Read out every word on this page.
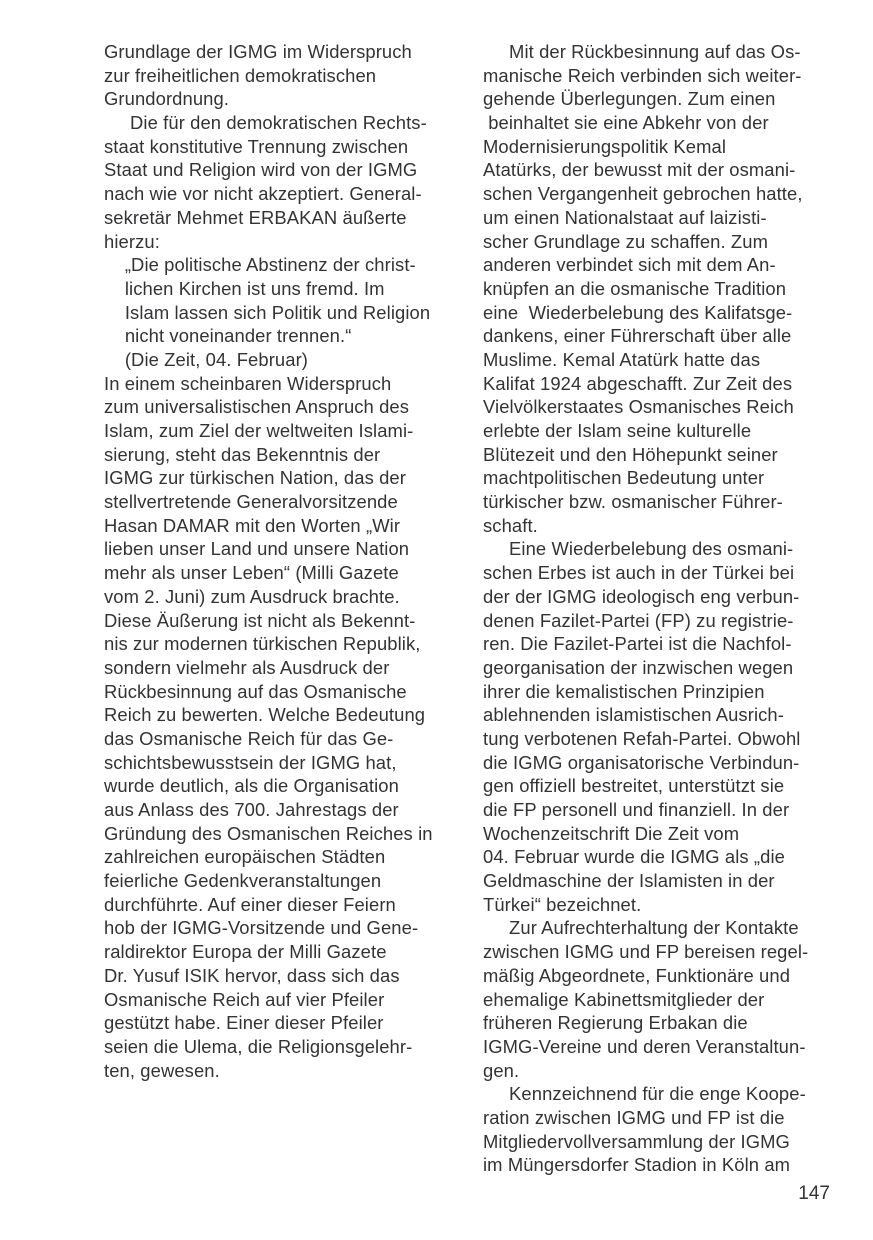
Grundlage der IGMG im Widerspruch
zur freiheitlichen demokratischen
Grundordnung.
Die für den demokratischen Rechts-
staat konstitutive Trennung zwischen
Staat und Religion wird von der IGMG
nach wie vor nicht akzeptiert. General-
sekretär Mehmet ERBAKAN äußerte
hierzu:
„Die politische Abstinenz der christ-
lichen Kirchen ist uns fremd. Im
Islam lassen sich Politik und Religion
nicht voneinander trennen.“
(Die Zeit, 04. Februar)
In einem scheinbaren Widerspruch
zum universalistischen Anspruch des
Islam, zum Ziel der weltweiten Islami-
sierung, steht das Bekenntnis der
IGMG zur türkischen Nation, das der
stellvertretende Generalvorsitzende
Hasan DAMAR mit den Worten „Wir
lieben unser Land und unsere Nation
mehr als unser Leben“ (Milli Gazete
vom 2. Juni) zum Ausdruck brachte.
Diese Äußerung ist nicht als Bekennt-
nis zur modernen türkischen Republik,
sondern vielmehr als Ausdruck der
Rückbesinnung auf das Osmanische
Reich zu bewerten. Welche Bedeutung
das Osmanische Reich für das Ge-
schichtsbewusstsein der IGMG hat,
wurde deutlich, als die Organisation
aus Anlass des 700. Jahrestags der
Gründung des Osmanischen Reiches in
zahlreichen europäischen Städten
feierliche Gedenkveranstaltungen
durchführte. Auf einer dieser Feiern
hob der IGMG-Vorsitzende und Gene-
raldirektor Europa der Milli Gazete
Dr. Yusuf ISIK hervor, dass sich das
Osmanische Reich auf vier Pfeiler
gestützt habe. Einer dieser Pfeiler
seien die Ulema, die Religionsgelehr-
ten, gewesen.
Mit der Rückbesinnung auf das Os-
manische Reich verbinden sich weiter-
gehende Überlegungen. Zum einen
beinhaltet sie eine Abkehr von der
Modernisierungspolitik Kemal
Atatürks, der bewusst mit der osmani-
schen Vergangenheit gebrochen hatte,
um einen Nationalstaat auf laizisti-
scher Grundlage zu schaffen. Zum
anderen verbindet sich mit dem An-
knüpfen an die osmanische Tradition
eine  Wiederbelebung des Kalifatsge-
dankens, einer Führerschaft über alle
Muslime. Kemal Atatürk hatte das
Kalifat 1924 abgeschafft. Zur Zeit des
Vielvölkerstaates Osmanisches Reich
erlebte der Islam seine kulturelle
Blütezeit und den Höhepunkt seiner
machtpolitischen Bedeutung unter
türkischer bzw. osmanischer Führer-
schaft.
Eine Wiederbelebung des osmani-
schen Erbes ist auch in der Türkei bei
der der IGMG ideologisch eng verbun-
denen Fazilet-Partei (FP) zu registrie-
ren. Die Fazilet-Partei ist die Nachfol-
georganisation der inzwischen wegen
ihrer die kemalistischen Prinzipien
ablehnenden islamistischen Ausrich-
tung verbotenen Refah-Partei. Obwohl
die IGMG organisatorische Verbindun-
gen offiziell bestreitet, unterstützt sie
die FP personell und finanziell. In der
Wochenzeitschrift Die Zeit vom
04. Februar wurde die IGMG als „die
Geldmaschine der Islamisten in der
Türkei“ bezeichnet.
Zur Aufrechterhaltung der Kontakte
zwischen IGMG und FP bereisen regel-
mäßig Abgeordnete, Funktionäre und
ehemalige Kabinettsmitglieder der
früheren Regierung Erbakan die
IGMG-Vereine und deren Veranstaltun-
gen.
Kennzeichnend für die enge Koope-
ration zwischen IGMG und FP ist die
Mitgliedervollversammlung der IGMG
im Müngersdorfer Stadion in Köln am
147
